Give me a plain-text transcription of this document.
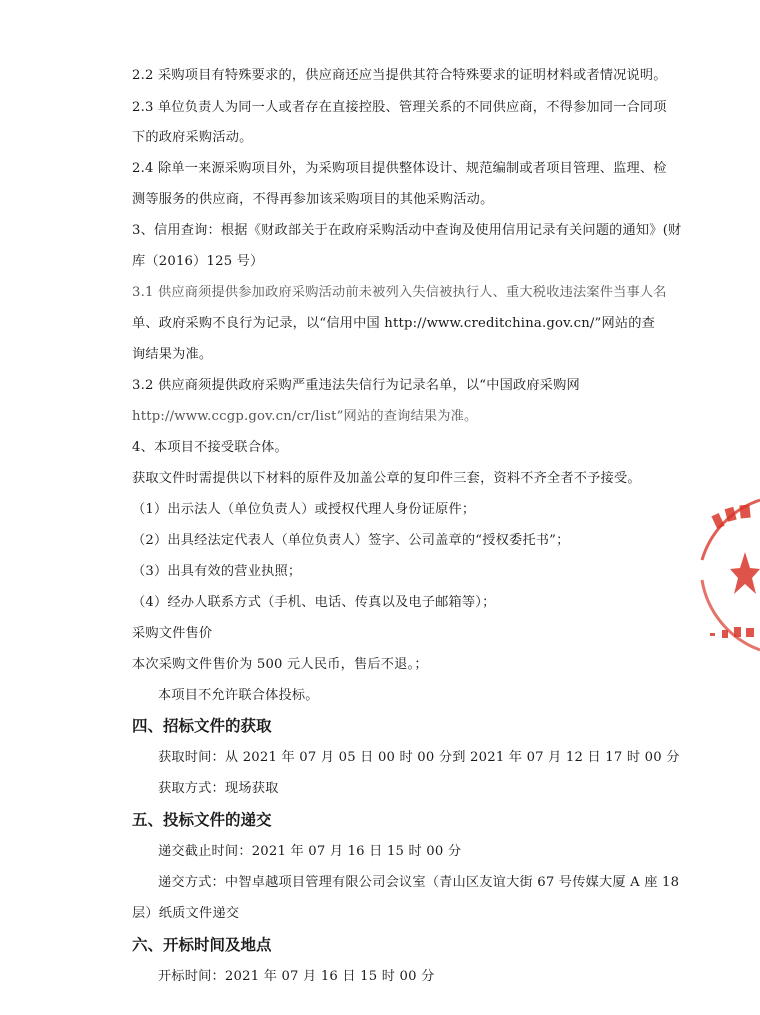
2.2 采购项目有特殊要求的，供应商还应当提供其符合特殊要求的证明材料或者情况说明。

2.3 单位负责人为同一人或者存在直接控股、管理关系的不同供应商，不得参加同一合同项

下的政府采购活动。

2.4 除单一来源采购项目外，为采购项目提供整体设计、规范编制或者项目管理、监理、检

测等服务的供应商，不得再参加该采购项目的其他采购活动。

3、信用查询：根据《财政部关于在政府采购活动中查询及使用信用记录有关问题的通知》(财

库（2016）125 号）

3.1 供应商须提供参加政府采购活动前未被列入失信被执行人、重大税收违法案件当事人名

单、政府采购不良行为记录，以“信用中国 http://www.creditchina.gov.cn/”网站的查

询结果为准。

3.2 供应商须提供政府采购严重违法失信行为记录名单，以“中国政府采购网

http://www.ccgp.gov.cn/cr/list”网站的查询结果为准。

4、本项目不接受联合体。

获取文件时需提供以下材料的原件及加盖公章的复印件三套，资料不齐全者不予接受。

（1）出示法人（单位负责人）或授权代理人身份证原件；

（2）出具经法定代表人（单位负责人）签字、公司盖章的“授权委托书”；

（3）出具有效的营业执照；

（4）经办人联系方式（手机、电话、传真以及电子邮箱等）；

采购文件售价

本次采购文件售价为 500 元人民币，售后不退。；

本项目不允许联合体投标。

四、招标文件的获取

获取时间：从 2021 年 07 月 05 日 00 时 00 分到 2021 年 07 月 12 日 17 时 00 分

获取方式：现场获取

五、投标文件的递交

递交截止时间：2021 年 07 月 16 日 15 时 00 分

递交方式：中智卓越项目管理有限公司会议室（青山区友谊大街 67 号传媒大厦 A 座 18

层）纸质文件递交

六、开标时间及地点

开标时间：2021 年 07 月 16 日 15 时 00 分
